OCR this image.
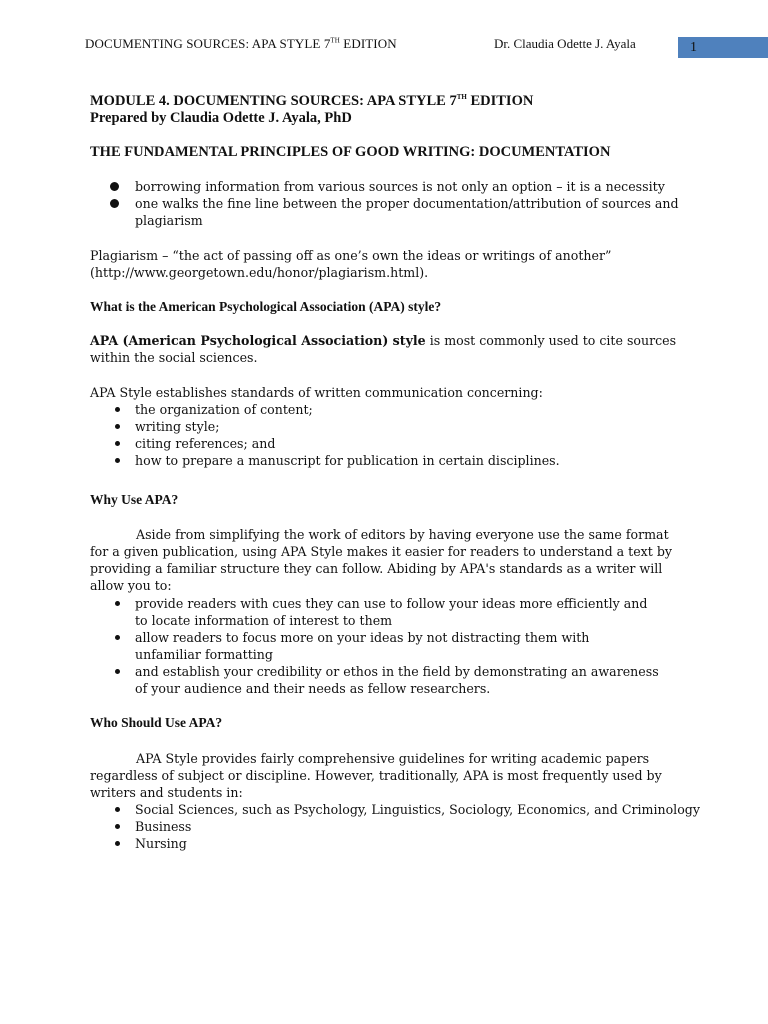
DOCUMENTING SOURCES: APA STYLE 7TH EDITION	Dr. Claudia Odette J. Ayala	1

MODULE 4. DOCUMENTING SOURCES: APA STYLE 7TH EDITION

Prepared by Claudia Odette J. Ayala, PhD

THE FUNDAMENTAL PRINCIPLES OF GOOD WRITING: DOCUMENTATION

borrowing information from various sources is not only an option – it is a necessity
one walks the fine line between the proper documentation/attribution of sources and plagiarism

Plagiarism – “the act of passing off as one’s own the ideas or writings of another” (http://www.georgetown.edu/honor/plagiarism.html).

What is the American Psychological Association (APA) style?

APA (American Psychological Association) style is most commonly used to cite sources within the social sciences.

APA Style establishes standards of written communication concerning:

the organization of content;
writing style;
citing references; and
how to prepare a manuscript for publication in certain disciplines.

Why Use APA?

Aside from simplifying the work of editors by having everyone use the same format for a given publication, using APA Style makes it easier for readers to understand a text by providing a familiar structure they can follow. Abiding by APA's standards as a writer will allow you to:

provide readers with cues they can use to follow your ideas more efficiently and to locate information of interest to them
allow readers to focus more on your ideas by not distracting them with unfamiliar formatting
and establish your credibility or ethos in the field by demonstrating an awareness of your audience and their needs as fellow researchers.

Who Should Use APA?

APA Style provides fairly comprehensive guidelines for writing academic papers regardless of subject or discipline. However, traditionally, APA is most frequently used by writers and students in:

Social Sciences, such as Psychology, Linguistics, Sociology, Economics, and Criminology
Business
Nursing
